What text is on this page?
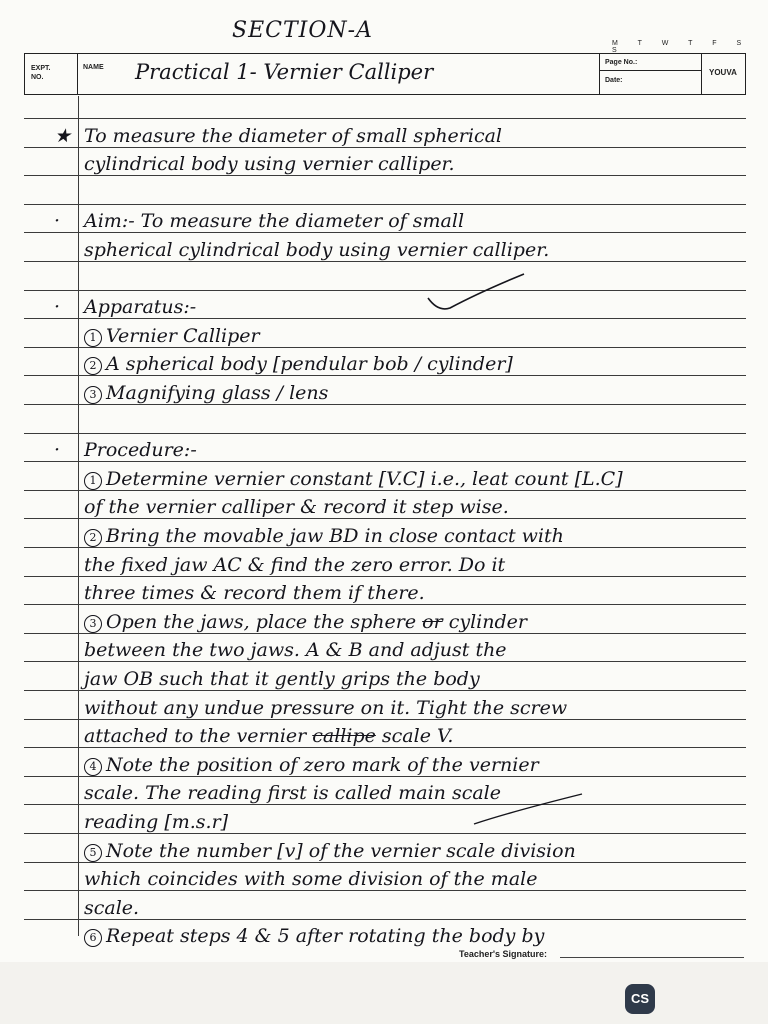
SECTION-A
M T W T F S S
EXPT.
NO.
NAME Practical 1- Vernier Calliper	Page No.:
Date:
YOUVA
★ To measure the diameter of small spherical
cylindrical body using vernier calliper.
· Aim:- To measure the diameter of small
spherical cylindrical body using vernier calliper.
· Apparatus:-
1 Vernier Calliper
2 A spherical body [pendular bob / cylinder]
3 Magnifying glass / lens
· Procedure:-
1 Determine vernier constant [V.C] i.e., leat count [L.C]
of the vernier calliper & record it step wise.
2 Bring the movable jaw BD in close contact with
the fixed jaw AC & find the zero error. Do it
three times & record them if there.
3 Open the jaws, place the sphere or cylinder
between the two jaws. A & B and adjust the
jaw OB such that it gently grips the body
without any undue pressure on it. Tight the screw
attached to the vernier callipe scale V.
4 Note the position of zero mark of the vernier
scale. The reading first is called main scale
reading [m.s.r]
5 Note the number [v] of the vernier scale division
which coincides with some division of the male
scale.
6 Repeat steps 4 & 5 after rotating the body by
Teacher's Signature:
CS
